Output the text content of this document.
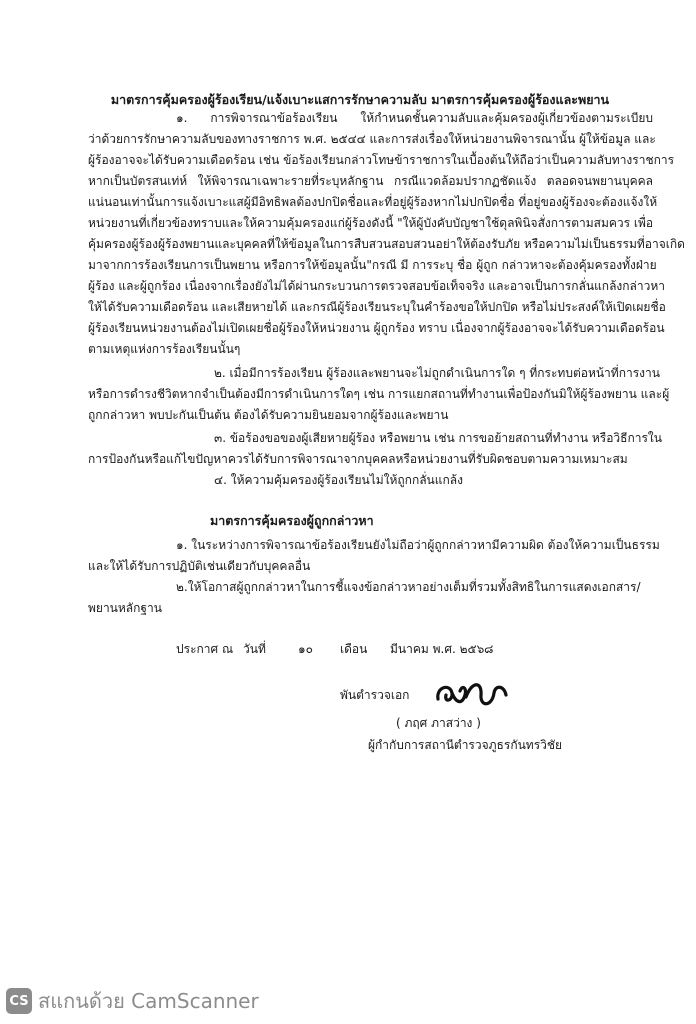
มาตรการคุ้มครองผู้ร้องเรียน/แจ้งเบาะแสการรักษาความลับ มาตรการคุ้มครองผู้ร้องและพยาน
๑. การพิจารณาข้อร้องเรียน ให้กำหนดชั้นความลับและคุ้มครองผู้เกี่ยวข้องตามระเบียบ
ว่าด้วยการรักษาความลับของทางราชการ พ.ศ. ๒๕๔๔ และการส่งเรื่องให้หน่วยงานพิจารณานั้น ผู้ให้ข้อมูล และ
ผู้ร้องอาจจะได้รับความเดือดร้อน เช่น ข้อร้องเรียนกล่าวโทษข้าราชการในเบื้องต้นให้ถือว่าเป็นความลับทางราชการ
หากเป็นบัตรสนเท่ห์ ให้พิจารณาเฉพาะรายที่ระบุหลักฐาน กรณีแวดล้อมปรากฏชัดแจ้ง ตลอดจนพยานบุคคล
แน่นอนเท่านั้นการแจ้งเบาะแสผู้มีอิทธิพลต้องปกปิดชื่อและที่อยู่ผู้ร้องหากไม่ปกปิดชื่อ ที่อยู่ของผู้ร้องจะต้องแจ้งให้
หน่วยงานที่เกี่ยวข้องทราบและให้ความคุ้มครองแก่ผู้ร้องดังนี้ "ให้ผู้บังคับบัญชาใช้ดุลพินิจสั่งการตามสมควร เพื่อ
คุ้มครองผู้ร้องผู้ร้องพยานและบุคคลที่ให้ข้อมูลในการสืบสวนสอบสวนอย่าให้ต้องรับภัย หรือความไม่เป็นธรรมที่อาจเกิด
มาจากการร้องเรียนการเป็นพยาน หรือการให้ข้อมูลนั้น"กรณี มี การระบุ ชื่อ ผู้ถูก กล่าวหาจะต้องคุ้มครองทั้งฝ่าย
ผู้ร้อง และผู้ถูกร้อง เนื่องจากเรื่องยังไม่ได้ผ่านกระบวนการตรวจสอบข้อเท็จจริง และอาจเป็นการกลั่นแกล้งกล่าวหา
ให้ได้รับความเดือดร้อน และเสียหายได้ และกรณีผู้ร้องเรียนระบุในคำร้องขอให้ปกปิด หรือไม่ประสงค์ให้เปิดเผยชื่อ
ผู้ร้องเรียนหน่วยงานต้องไม่เปิดเผยชื่อผู้ร้องให้หน่วยงาน ผู้ถูกร้อง ทราบ เนื่องจากผู้ร้องอาจจะได้รับความเดือดร้อน
ตามเหตุแห่งการร้องเรียนนั้นๆ
๒. เมื่อมีการร้องเรียน ผู้ร้องและพยานจะไม่ถูกดำเนินการใด ๆ ที่กระทบต่อหน้าที่การงาน
หรือการดำรงชีวิตหากจำเป็นต้องมีการดำเนินการใดๆ เช่น การแยกสถานที่ทำงานเพื่อป้องกันมิให้ผู้ร้องพยาน และผู้
ถูกกล่าวหา พบปะกันเป็นต้น ต้องได้รับความยินยอมจากผู้ร้องและพยาน
๓. ข้อร้องขอของผู้เสียหายผู้ร้อง หรือพยาน เช่น การขอย้ายสถานที่ทำงาน หรือวิธีการใน
การป้องกันหรือแก้ไขปัญหาควรได้รับการพิจารณาจากบุคคลหรือหน่วยงานที่รับผิดชอบตามความเหมาะสม
๔. ให้ความคุ้มครองผู้ร้องเรียนไม่ให้ถูกกลั่นแกล้ง
มาตรการคุ้มครองผู้ถูกกล่าวหา
๑. ในระหว่างการพิจารณาข้อร้องเรียนยังไม่ถือว่าผู้ถูกกล่าวหามีความผิด ต้องให้ความเป็นธรรม
และให้ได้รับการปฏิบัติเช่นเดียวกับบุคคลอื่น
๒.ให้โอกาสผู้ถูกกล่าวหาในการชี้แจงข้อกล่าวหาอย่างเต็มที่รวมทั้งสิทธิในการแสดงเอกสาร/
พยานหลักฐาน
ประกาศ ณ วันที่	๑๐ เดือน มีนาคม พ.ศ. ๒๕๖๘
พันตำรวจเอก
( ภฤศ ภาสว่าง )
ผู้กำกับการสถานีตำรวจภูธรกันทรวิชัย
CS สแกนด้วย CamScanner
